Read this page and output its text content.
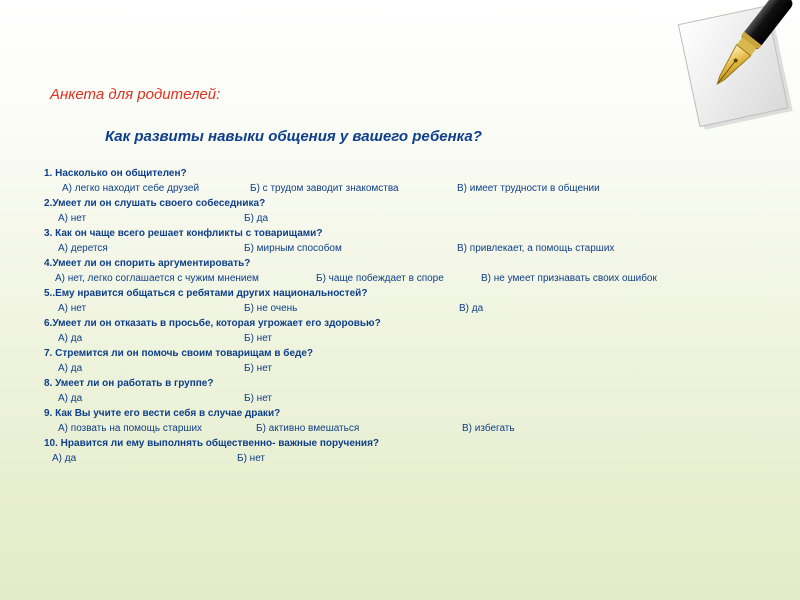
Анкета для родителей:
Как развиты навыки общения у вашего ребенка?
1. Насколько он общителен?
А) легко находит себе друзей	Б) с трудом заводит знакомства	В) имеет трудности в общении
2.Умеет ли он слушать своего собеседника?
А) нет	Б) да
3. Как он чаще всего решает конфликты с товарищами?
А) дерется	Б) мирным способом	В) привлекает, а помощь старших
4.Умеет ли он спорить аргументировать?
А) нет, легко соглашается с чужим мнением	Б) чаще побеждает в споре	В) не умеет признавать своих ошибок
5..Ему нравится общаться с ребятами других национальностей?
А) нет	Б) не очень	В) да
6.Умеет ли он отказать в просьбе, которая угрожает его здоровью?
А) да	Б) нет
7. Стремится ли он помочь своим товарищам в беде?
А) да	Б) нет
8. Умеет ли он работать в группе?
А) да	Б) нет
9. Как Вы учите его вести себя в случае драки?
А) позвать на помощь старших	Б) активно вмешаться	В) избегать
10. Нравится ли ему выполнять общественно- важные поручения?
А) да	Б) нет
